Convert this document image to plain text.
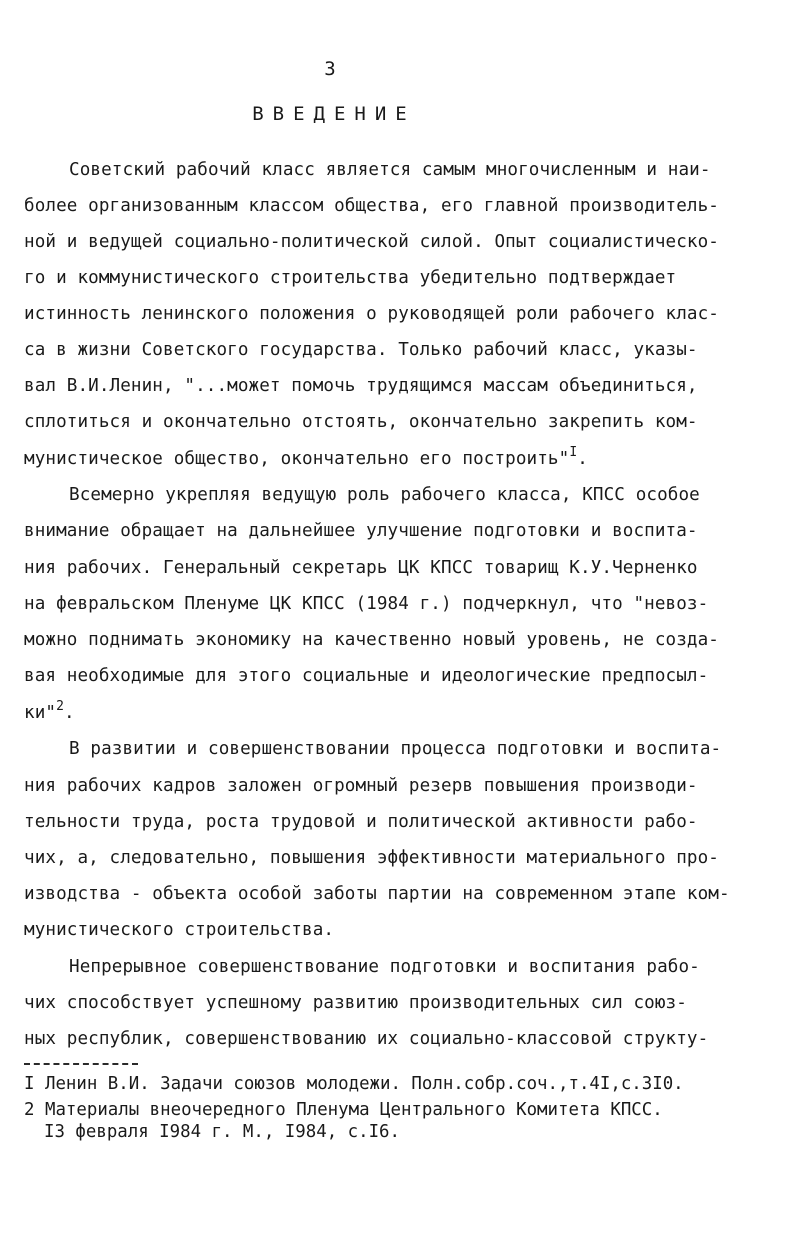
3
ВВЕДЕНИЕ
Советский рабочий класс является самым многочисленным и наи-
более организованным классом общества, его главной производитель-
ной и ведущей социально-политической силой. Опыт социалистическо-
го и коммунистического строительства убедительно подтверждает
истинность ленинского положения о руководящей роли рабочего клас-
са в жизни Советского государства. Только рабочий класс, указы-
вал В.И.Ленин, "...может помочь трудящимся массам объединиться,
сплотиться и окончательно отстоять, окончательно закрепить ком-
мунистическое общество, окончательно его построить"$^I$.
Всемерно укрепляя ведущую роль рабочего класса, КПСС особое
внимание обращает на дальнейшее улучшение подготовки и воспита-
ния рабочих. Генеральный секретарь ЦК КПСС товарищ К.У.Черненко
на февральском Пленуме ЦК КПСС (1984 г.) подчеркнул, что "невоз-
можно поднимать экономику на качественно новый уровень, не созда-
вая необходимые для этого социальные и идеологические предпосыл-
ки"$^2$.
В развитии и совершенствовании процесса подготовки и воспита-
ния рабочих кадров заложен огромный резерв повышения производи-
тельности труда, роста трудовой и политической активности рабо-
чих, а, следовательно, повышения эффективности материального про-
изводства - объекта особой заботы партии на современном этапе ком-
мунистического строительства.
Непрерывное совершенствование подготовки и воспитания рабо-
чих способствует успешному развитию производительных сил союз-
ных республик, совершенствованию их социально-классовой структу-
I Ленин В.И. Задачи союзов молодежи. Полн.собр.соч.,т.4I,с.3I0.
2 Материалы внеочередного Пленума Центрального Комитета КПСС.
I3 февраля I984 г. М., I984, с.I6.
